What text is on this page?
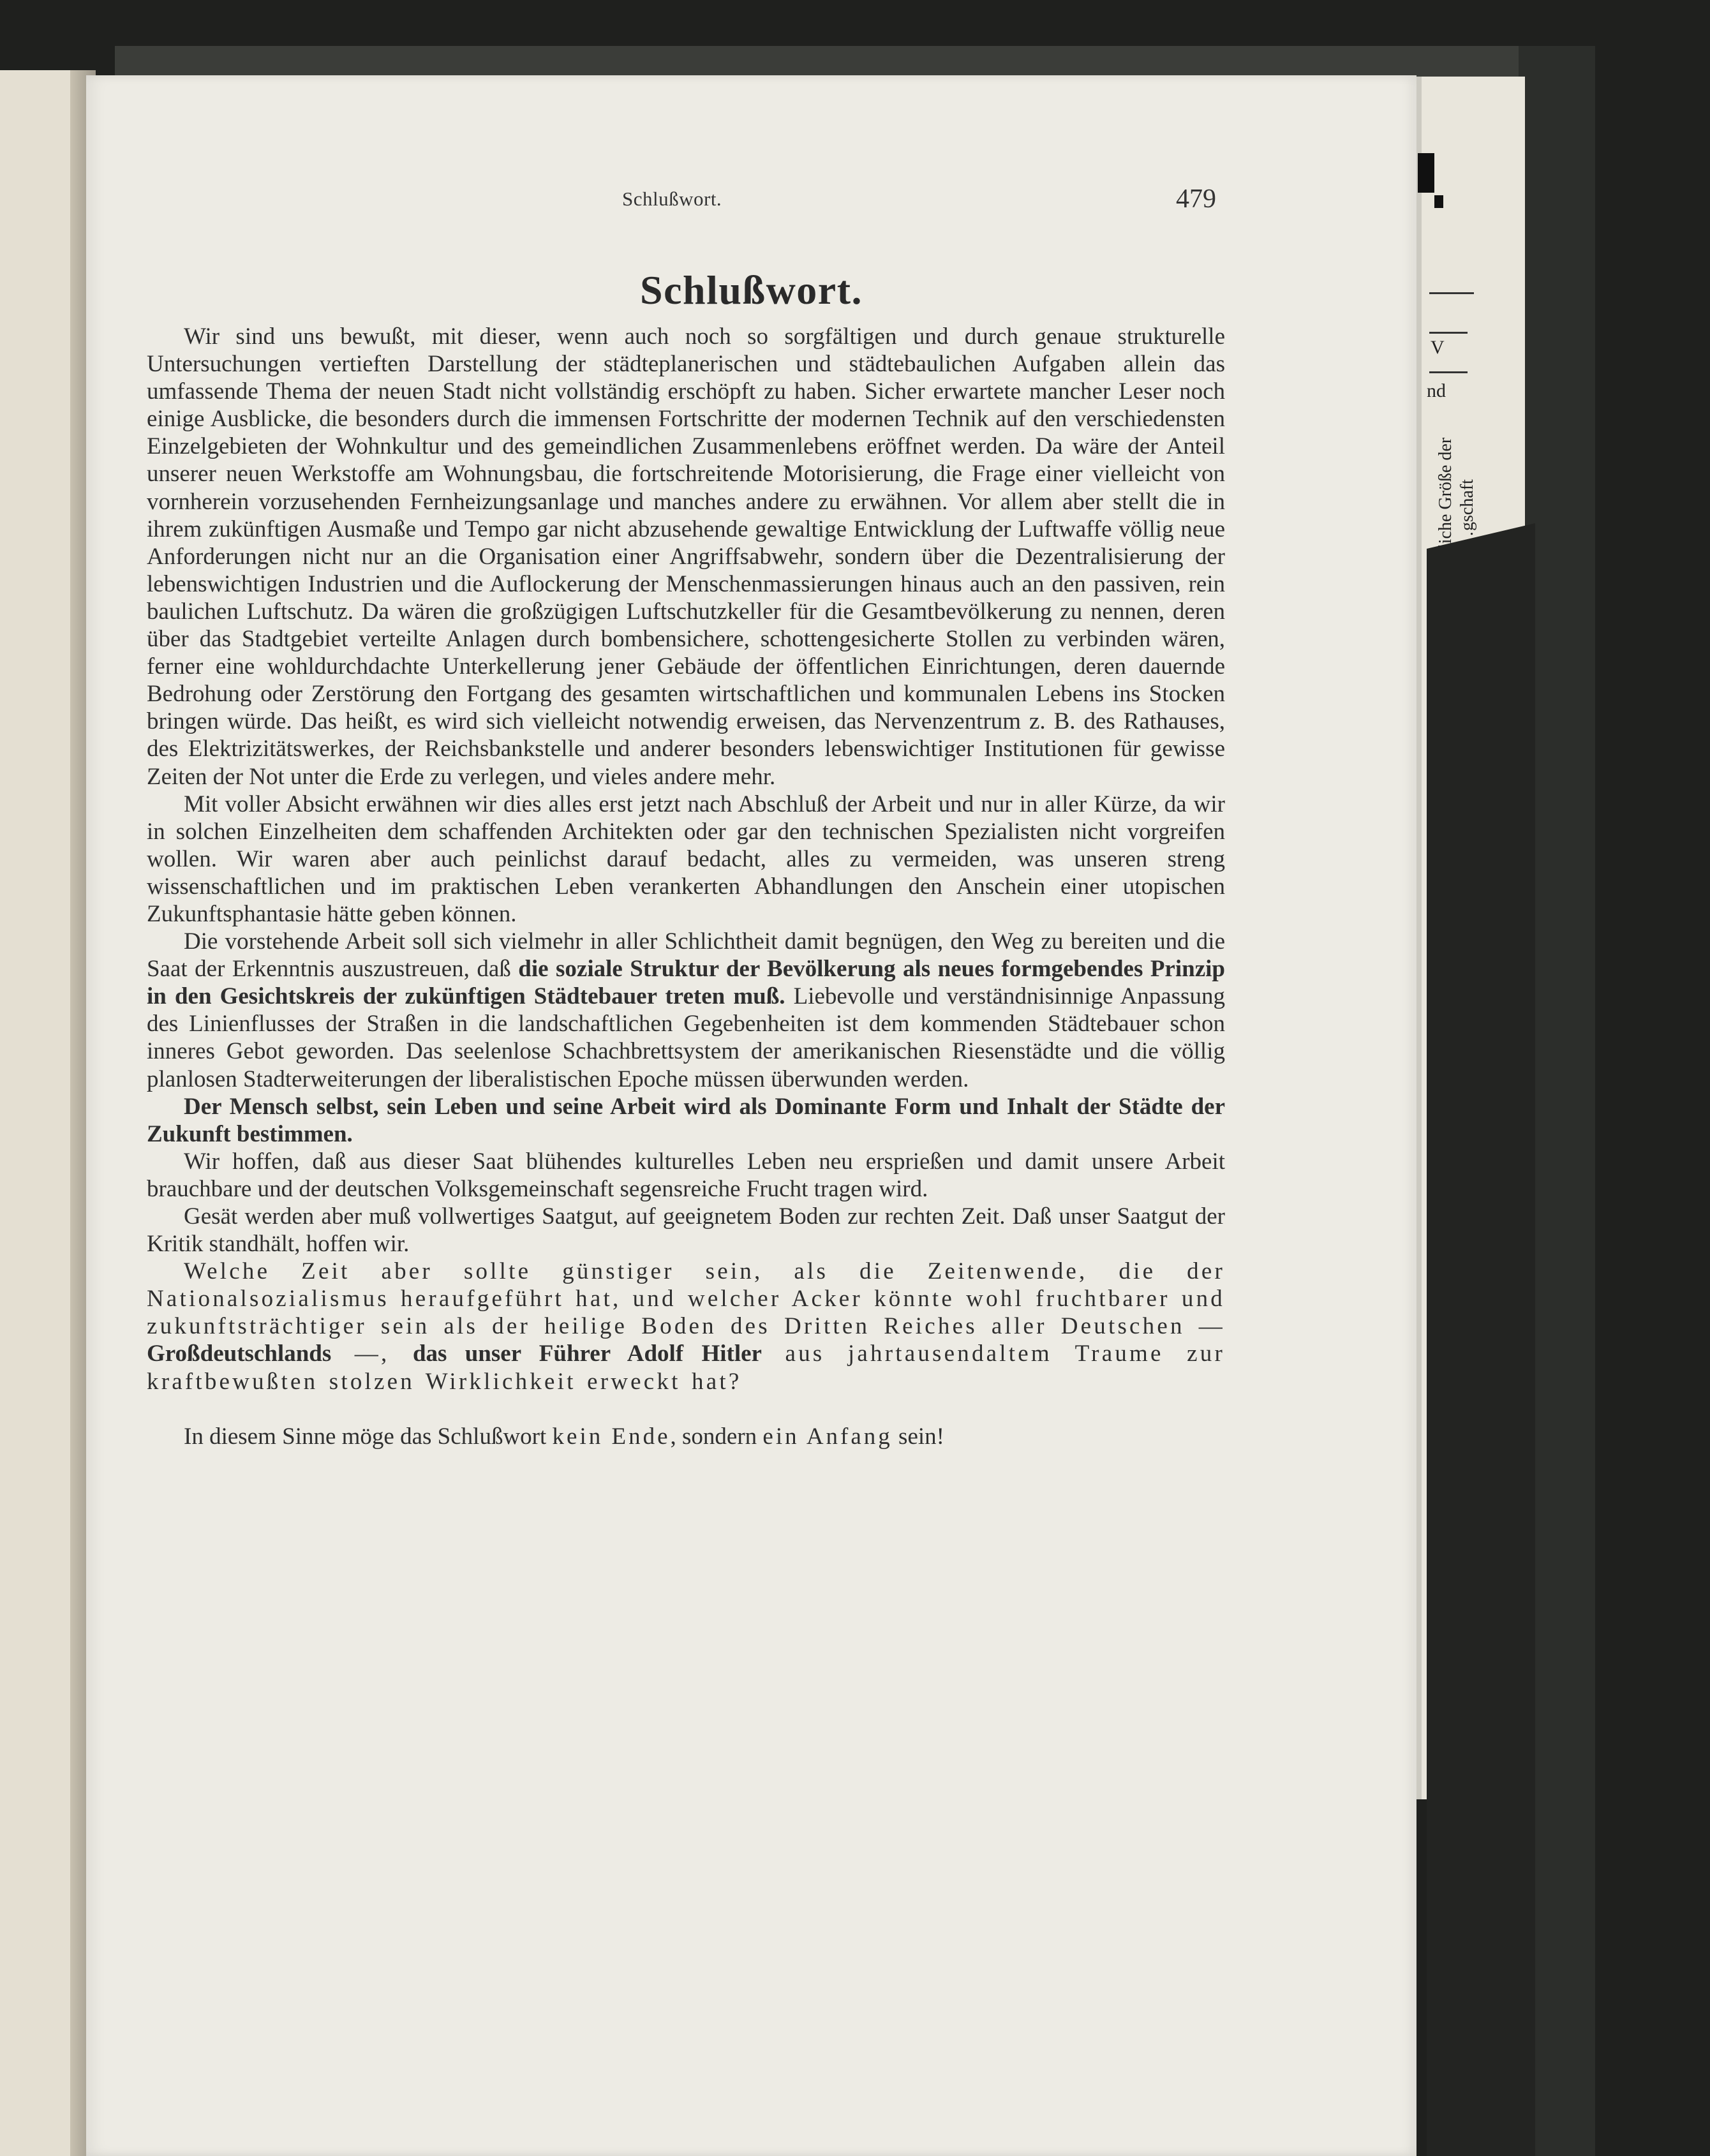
V
nd
liche Größe der …gschaft
Schlußwort.	479
Schlußwort.

Wir sind uns bewußt, mit dieser, wenn auch noch so sorgfältigen und durch genaue strukturelle Untersuchungen vertieften Darstellung der städteplanerischen und städtebaulichen Aufgaben allein das umfassende Thema der neuen Stadt nicht vollständig erschöpft zu haben. Sicher erwartete mancher Leser noch einige Ausblicke, die besonders durch die immensen Fortschritte der modernen Technik auf den verschiedensten Einzelgebieten der Wohnkultur und des gemeindlichen Zusammenlebens eröffnet werden. Da wäre der Anteil unserer neuen Werkstoffe am Wohnungsbau, die fortschreitende Motorisierung, die Frage einer vielleicht von vornherein vorzusehenden Fernheizungsanlage und manches andere zu erwähnen. Vor allem aber stellt die in ihrem zukünftigen Ausmaße und Tempo gar nicht abzusehende gewaltige Entwicklung der Luftwaffe völlig neue Anforderungen nicht nur an die Organisation einer Angriffsabwehr, sondern über die Dezentralisierung der lebenswichtigen Industrien und die Auflockerung der Menschenmassierungen hinaus auch an den passiven, rein baulichen Luftschutz. Da wären die großzügigen Luftschutzkeller für die Gesamtbevölkerung zu nennen, deren über das Stadtgebiet verteilte Anlagen durch bombensichere, schottengesicherte Stollen zu verbinden wären, ferner eine wohldurchdachte Unterkellerung jener Gebäude der öffentlichen Einrichtungen, deren dauernde Bedrohung oder Zerstörung den Fortgang des gesamten wirtschaftlichen und kommunalen Lebens ins Stocken bringen würde. Das heißt, es wird sich vielleicht notwendig erweisen, das Nervenzentrum z. B. des Rathauses, des Elektrizitätswerkes, der Reichsbankstelle und anderer besonders lebenswichtiger Institutionen für gewisse Zeiten der Not unter die Erde zu verlegen, und vieles andere mehr.

Mit voller Absicht erwähnen wir dies alles erst jetzt nach Abschluß der Arbeit und nur in aller Kürze, da wir in solchen Einzelheiten dem schaffenden Architekten oder gar den technischen Spezialisten nicht vorgreifen wollen. Wir waren aber auch peinlichst darauf bedacht, alles zu vermeiden, was unseren streng wissenschaftlichen und im praktischen Leben verankerten Abhandlungen den Anschein einer utopischen Zukunftsphantasie hätte geben können.

Die vorstehende Arbeit soll sich vielmehr in aller Schlichtheit damit begnügen, den Weg zu bereiten und die Saat der Erkenntnis auszustreuen, daß die soziale Struktur der Bevölkerung als neues formgebendes Prinzip in den Gesichtskreis der zukünftigen Städtebauer treten muß. Liebevolle und verständnisinnige Anpassung des Linienflusses der Straßen in die landschaftlichen Gegebenheiten ist dem kommenden Städtebauer schon inneres Gebot geworden. Das seelenlose Schachbrettsystem der amerikanischen Riesenstädte und die völlig planlosen Stadterweiterungen der liberalistischen Epoche müssen überwunden werden.

Der Mensch selbst, sein Leben und seine Arbeit wird als Dominante Form und Inhalt der Städte der Zukunft bestimmen.

Wir hoffen, daß aus dieser Saat blühendes kulturelles Leben neu ersprießen und damit unsere Arbeit brauchbare und der deutschen Volksgemeinschaft segensreiche Frucht tragen wird.

Gesät werden aber muß vollwertiges Saatgut, auf geeignetem Boden zur rechten Zeit. Daß unser Saatgut der Kritik standhält, hoffen wir.

Welche Zeit aber sollte günstiger sein, als die Zeitenwende, die der Nationalsozialismus heraufgeführt hat, und welcher Acker könnte wohl fruchtbarer und zukunftsträchtiger sein als der heilige Boden des Dritten Reiches aller Deutschen — Großdeutschlands —, das unser Führer Adolf Hitler aus jahrtausendaltem Traume zur kraftbewußten stolzen Wirklichkeit erweckt hat?

In diesem Sinne möge das Schlußwort kein Ende, sondern ein Anfang sein!
